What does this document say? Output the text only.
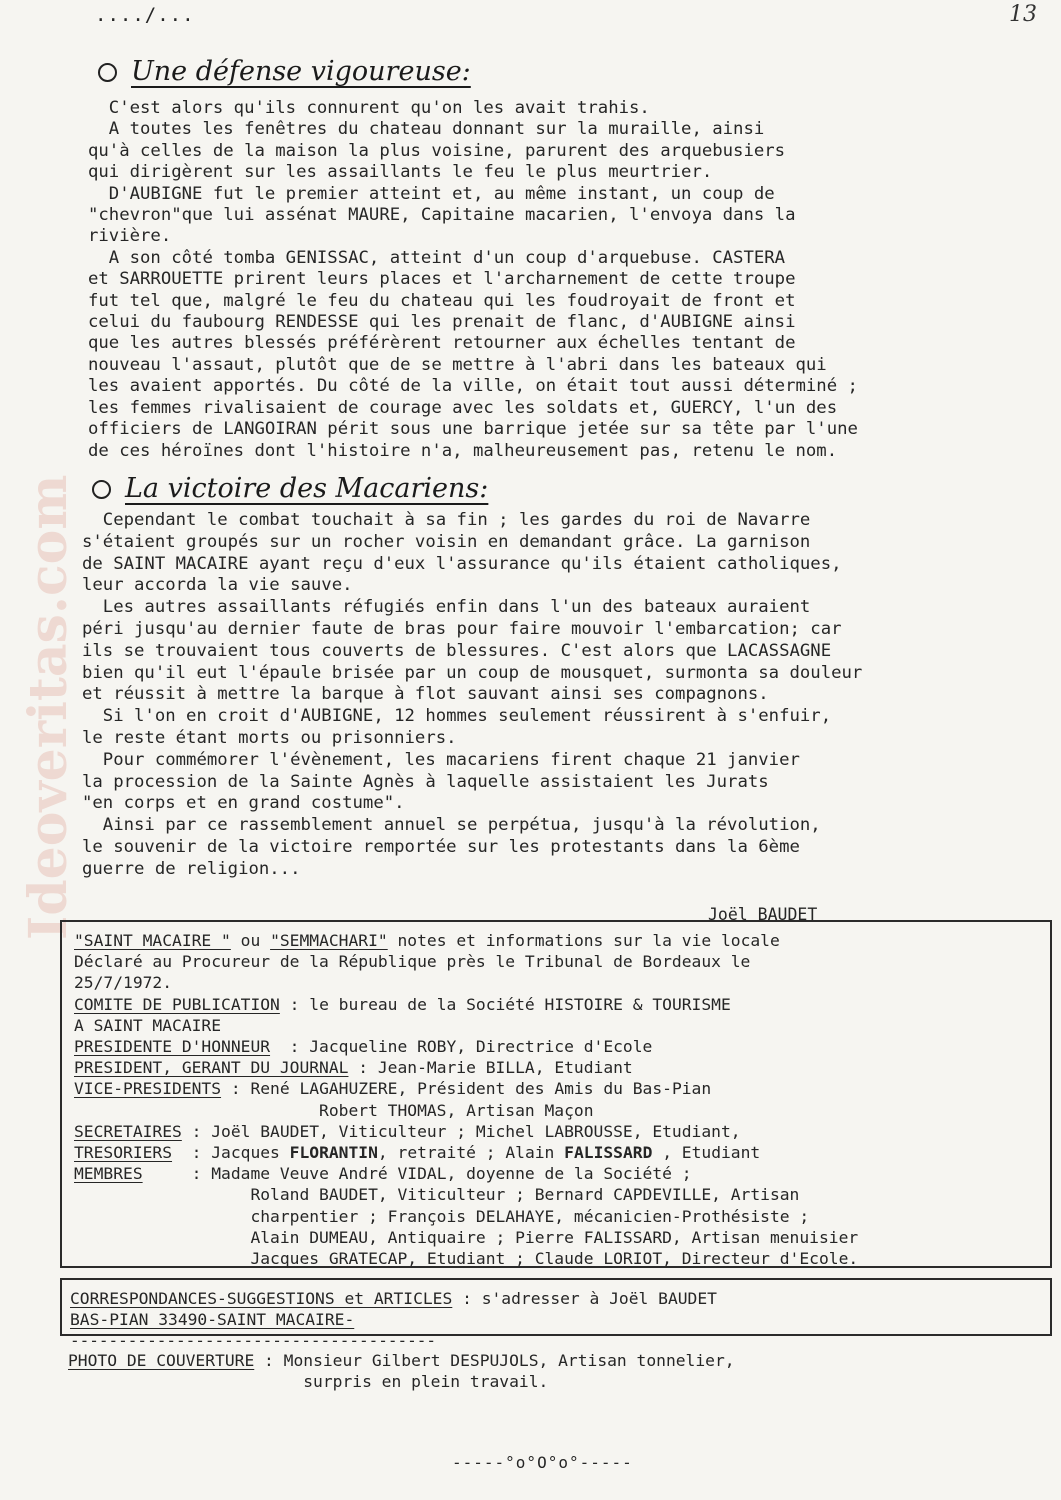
Ideoveritas.com
..../...	13
Une défense vigoureuse:
C'est alors qu'ils connurent qu'on les avait trahis.
A toutes les fenêtres du chateau donnant sur la muraille, ainsi
qu'à celles de la maison la plus voisine, parurent des arquebusiers
qui dirigèrent sur les assaillants le feu le plus meurtrier.
D'AUBIGNE fut le premier atteint et, au même instant, un coup de
"chevron"que lui assénat MAURE, Capitaine macarien, l'envoya dans la
rivière.
A son côté tomba GENISSAC, atteint d'un coup d'arquebuse. CASTERA
et SARROUETTE prirent leurs places et l'archarnement de cette troupe
fut tel que, malgré le feu du chateau qui les foudroyait de front et
celui du faubourg RENDESSE qui les prenait de flanc, d'AUBIGNE ainsi
que les autres blessés préférèrent retourner aux échelles tentant de
nouveau l'assaut, plutôt que de se mettre à l'abri dans les bateaux qui
les avaient apportés. Du côté de la ville, on était tout aussi déterminé ;
les femmes rivalisaient de courage avec les soldats et, GUERCY, l'un des
officiers de LANGOIRAN périt sous une barrique jetée sur sa tête par l'une
de ces héroïnes dont l'histoire n'a, malheureusement pas, retenu le nom.
La victoire des Macariens:
Cependant le combat touchait à sa fin ; les gardes du roi de Navarre
s'étaient groupés sur un rocher voisin en demandant grâce. La garnison
de SAINT MACAIRE ayant reçu d'eux l'assurance qu'ils étaient catholiques,
leur accorda la vie sauve.
Les autres assaillants réfugiés enfin dans l'un des bateaux auraient
péri jusqu'au dernier faute de bras pour faire mouvoir l'embarcation; car
ils se trouvaient tous couverts de blessures. C'est alors que LACASSAGNE
bien qu'il eut l'épaule brisée par un coup de mousquet, surmonta sa douleur
et réussit à mettre la barque à flot sauvant ainsi ses compagnons.
Si l'on en croit d'AUBIGNE, 12 hommes seulement réussirent à s'enfuir,
le reste étant morts ou prisonniers.
Pour commémorer l'évènement, les macariens firent chaque 21 janvier
la procession de la Sainte Agnès à laquelle assistaient les Jurats
"en corps et en grand costume".
Ainsi par ce rassemblement annuel se perpétua, jusqu'à la révolution,
le souvenir de la victoire remportée sur les protestants dans la 6ème
guerre de religion...
Joël BAUDET
"SAINT MACAIRE " ou "SEMMACHARI" notes et informations sur la vie locale
Déclaré au Procureur de la République près le Tribunal de Bordeaux le
25/7/1972.
COMITE DE PUBLICATION : le bureau de la Société HISTOIRE & TOURISME
A SAINT MACAIRE
PRESIDENTE D'HONNEUR  : Jacqueline ROBY, Directrice d'Ecole
PRESIDENT, GERANT DU JOURNAL : Jean-Marie BILLA, Etudiant
VICE-PRESIDENTS : René LAGAHUZERE, Président des Amis du Bas-Pian
Robert THOMAS, Artisan Maçon
SECRETAIRES : Joël BAUDET, Viticulteur ; Michel LABROUSSE, Etudiant,
TRESORIERS  : Jacques FLORANTIN, retraité ; Alain FALISSARD , Etudiant
MEMBRES     : Madame Veuve André VIDAL, doyenne de la Société ;
Roland BAUDET, Viticulteur ; Bernard CAPDEVILLE, Artisan
charpentier ; François DELAHAYE, mécanicien-Prothésiste ;
Alain DUMEAU, Antiquaire ; Pierre FALISSARD, Artisan menuisier
Jacques GRATECAP, Etudiant ; Claude LORIOT, Directeur d'Ecole.
CORRESPONDANCES-SUGGESTIONS et ARTICLES : s'adresser à Joël BAUDET
BAS-PIAN 33490-SAINT MACAIRE-
--------------------------------------
PHOTO DE COUVERTURE : Monsieur Gilbert DESPUJOLS, Artisan tonnelier,
surpris en plein travail.
-----°o°O°o°-----
